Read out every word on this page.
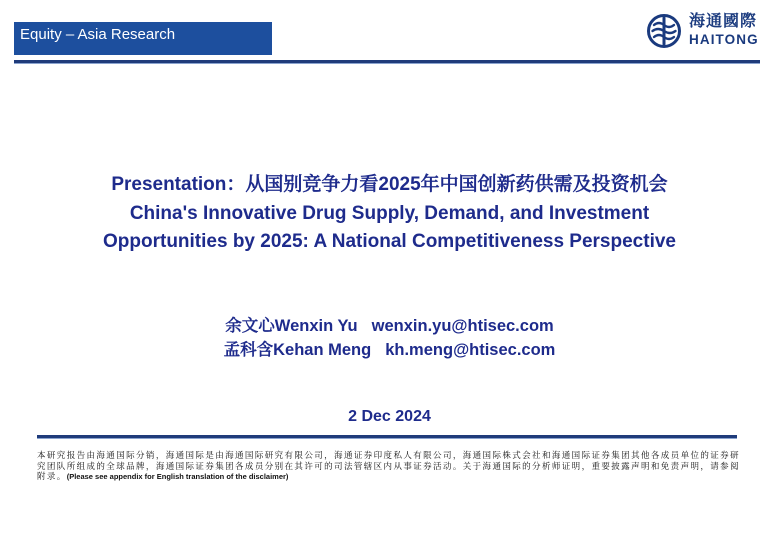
Equity – Asia Research
海通國際
HAITONG
Presentation：从国别竞争力看2025年中国创新药供需及投资机会
China's Innovative Drug Supply, Demand, and Investment
Opportunities by 2025: A National Competitiveness Perspective
余文心Wenxin Yu wenxin.yu@htisec.com
孟科含Kehan Meng kh.meng@htisec.com
2 Dec 2024

本研究报告由海通国际分销，海通国际是由海通国际研究有限公司，海通证券印度私人有限公司，海通国际株式会社和海通国际证券集团其他各成员单位的证券研究团队所组成的全球品牌，海通国际证券集团各成员分别在其许可的司法管辖区内从事证券活动。关于海通国际的分析师证明，重要披露声明和免责声明，请参阅附录。(Please see appendix for English translation of the disclaimer)
